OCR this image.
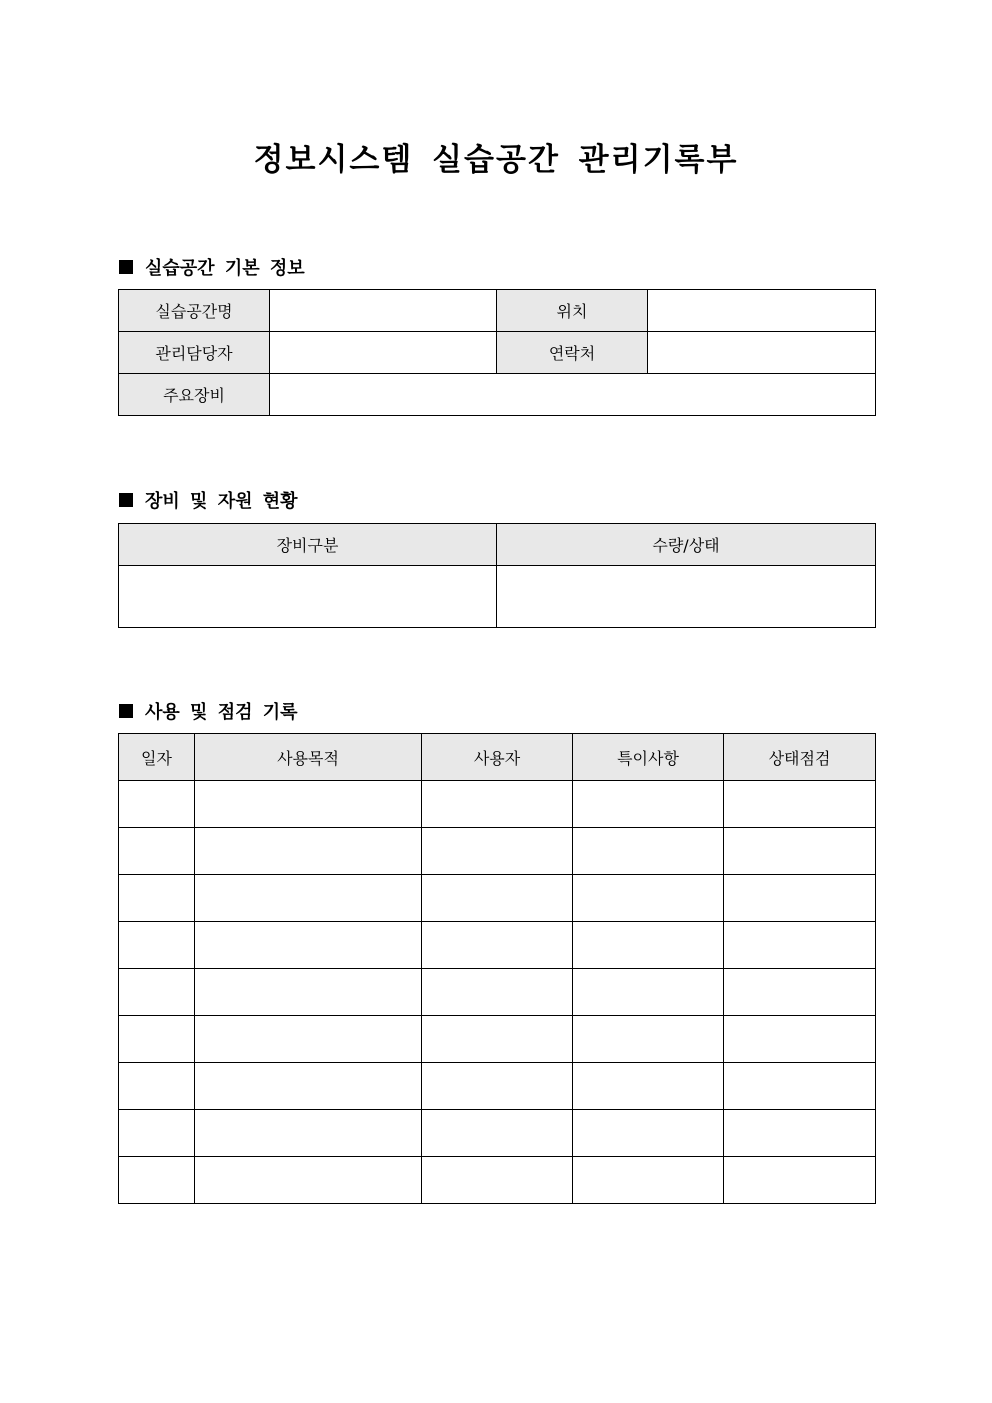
정보시스템 실습공간 관리기록부
실습공간 기본 정보
실습공간명		위치	
관리담당자		연락처	
주요장비			
장비 및 자원 현황
장비구분	수량/상태

사용 및 점검 기록
일자	사용목적	사용자	특이사항	상태점검
